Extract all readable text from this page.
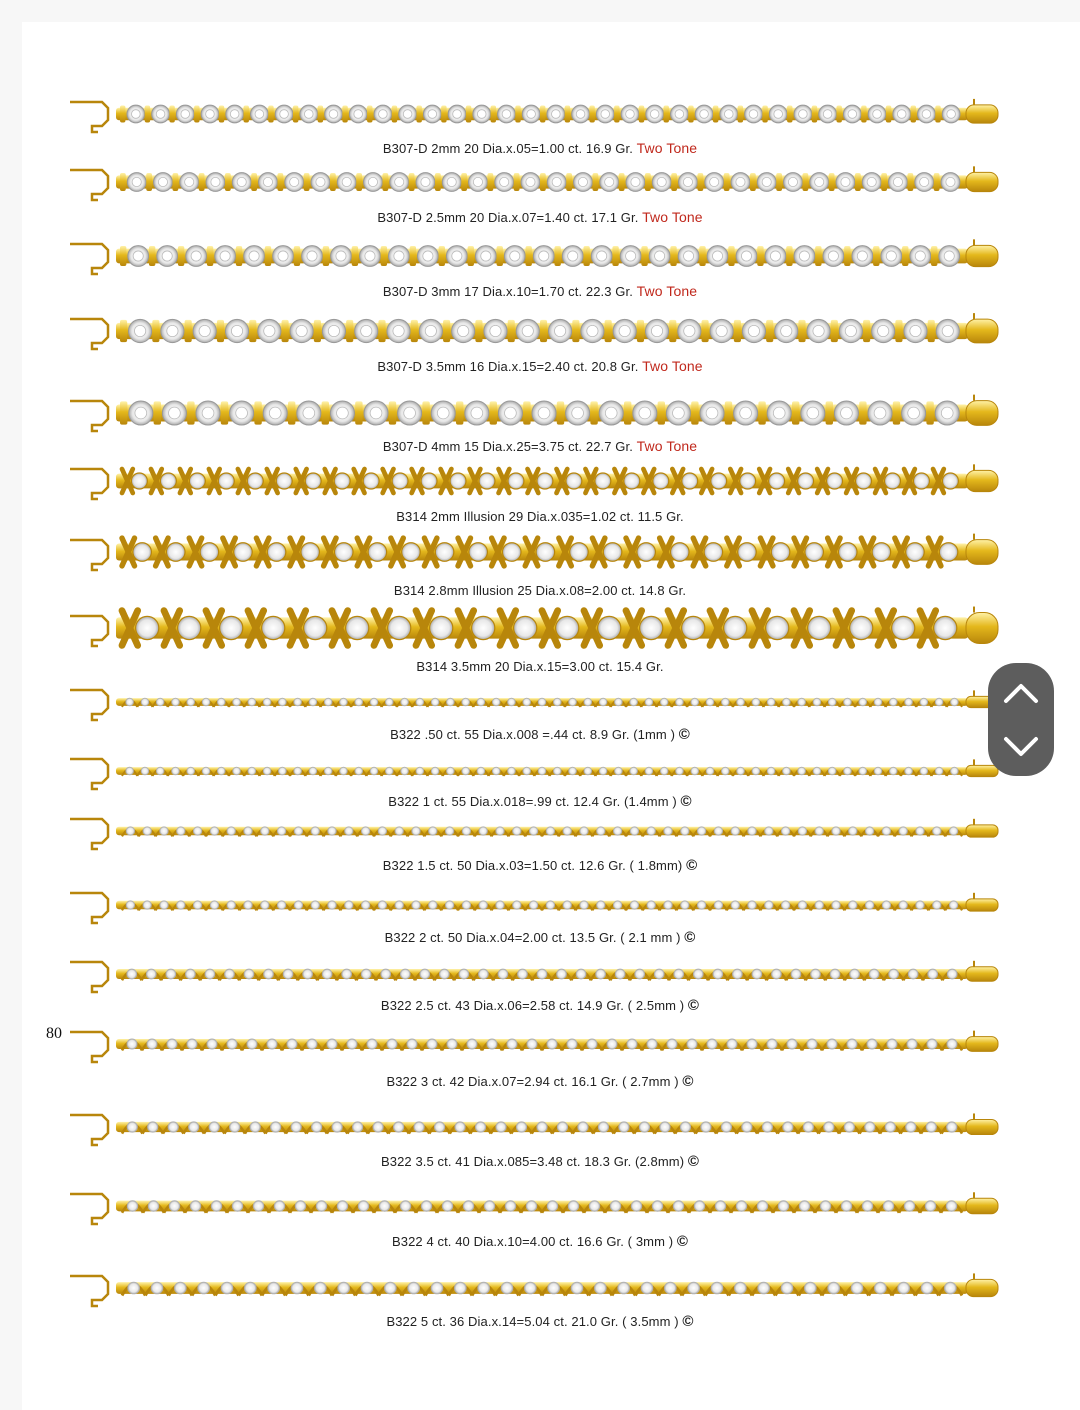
B307-D 2mm 20 Dia.x.05=1.00 ct. 16.9 Gr. Two Tone
B307-D 2.5mm 20 Dia.x.07=1.40 ct. 17.1 Gr. Two Tone
B307-D 3mm 17 Dia.x.10=1.70 ct. 22.3 Gr. Two Tone
B307-D 3.5mm 16 Dia.x.15=2.40 ct. 20.8 Gr. Two Tone
B307-D 4mm 15 Dia.x.25=3.75 ct. 22.7 Gr. Two Tone
B314 2mm Illusion 29 Dia.x.035=1.02 ct. 11.5 Gr.
B314 2.8mm Illusion 25 Dia.x.08=2.00 ct. 14.8 Gr.
B314 3.5mm 20 Dia.x.15=3.00 ct. 15.4 Gr.
B322 .50 ct. 55 Dia.x.008 =.44 ct. 8.9 Gr. (1mm ) ©
B322 1 ct. 55 Dia.x.018=.99 ct. 12.4 Gr. (1.4mm ) ©
B322 1.5 ct. 50 Dia.x.03=1.50 ct. 12.6 Gr. ( 1.8mm) ©
B322 2 ct. 50 Dia.x.04=2.00 ct. 13.5 Gr. ( 2.1 mm ) ©
B322 2.5 ct. 43 Dia.x.06=2.58 ct. 14.9 Gr. ( 2.5mm ) ©
B322 3 ct. 42 Dia.x.07=2.94 ct. 16.1 Gr. ( 2.7mm ) ©
B322 3.5 ct. 41 Dia.x.085=3.48 ct. 18.3 Gr. (2.8mm) ©
B322 4 ct. 40 Dia.x.10=4.00 ct. 16.6 Gr. ( 3mm ) ©
B322 5 ct. 36 Dia.x.14=5.04 ct. 21.0 Gr. ( 3.5mm ) ©
80
